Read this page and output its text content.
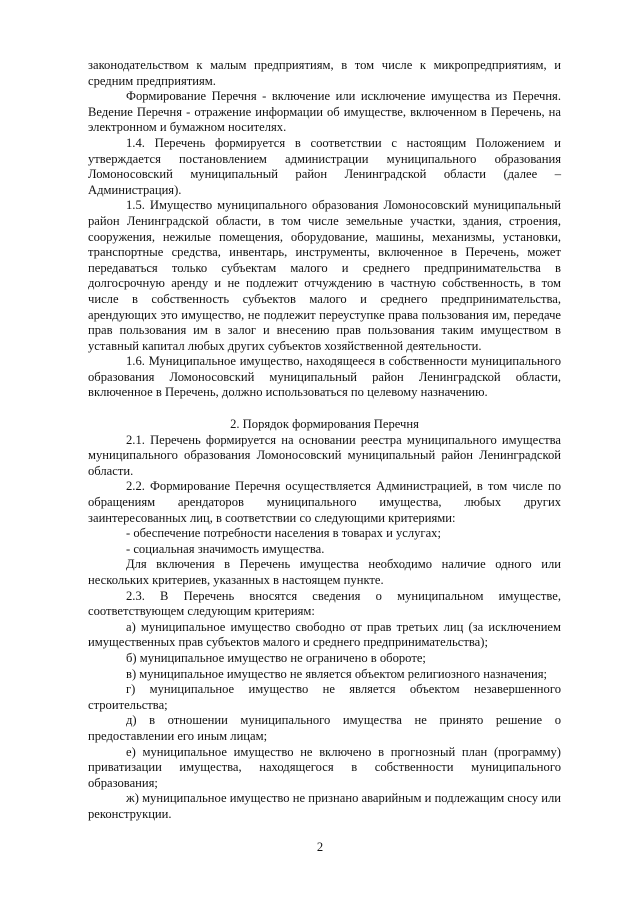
законодательством к малым предприятиям, в том числе к микропредприятиям, и средним предприятиям.

Формирование Перечня - включение или исключение имущества из Перечня. Ведение Перечня - отражение информации об имуществе, включенном в Перечень, на электронном и бумажном носителях.

1.4. Перечень формируется в соответствии с настоящим Положением и утверждается постановлением администрации муниципального образования Ломоносовский муниципальный район Ленинградской области (далее – Администрация).

1.5. Имущество муниципального образования Ломоносовский муниципальный район Ленинградской области, в том числе земельные участки, здания, строения, сооружения, нежилые помещения, оборудование, машины, механизмы, установки, транспортные средства, инвентарь, инструменты, включенное в Перечень, может передаваться только субъектам малого и среднего предпринимательства в долгосрочную аренду и не подлежит отчуждению в частную собственность, в том числе в собственность субъектов малого и среднего предпринимательства, арендующих это имущество, не подлежит переуступке права пользования им, передаче прав пользования им в залог и внесению прав пользования таким имуществом в уставный капитал любых других субъектов хозяйственной деятельности.

1.6. Муниципальное имущество, находящееся в собственности муниципального образования Ломоносовский муниципальный район Ленинградской области, включенное в Перечень, должно использоваться по целевому назначению.

2. Порядок формирования Перечня

2.1. Перечень формируется на основании реестра муниципального имущества муниципального образования Ломоносовский муниципальный район Ленинградской области.

2.2. Формирование Перечня осуществляется Администрацией, в том числе по обращениям арендаторов муниципального имущества, любых других заинтересованных лиц, в соответствии со следующими критериями:

- обеспечение потребности населения в товарах и услугах;

- социальная значимость имущества.

Для включения в Перечень имущества необходимо наличие одного или нескольких критериев, указанных в настоящем пункте.

2.3. В Перечень вносятся сведения о муниципальном имуществе, соответствующем следующим критериям:

а) муниципальное имущество свободно от прав третьих лиц (за исключением имущественных прав субъектов малого и среднего предпринимательства);

б) муниципальное имущество не ограничено в обороте;

в) муниципальное имущество не является объектом религиозного назначения;

г) муниципальное имущество не является объектом незавершенного строительства;

д) в отношении муниципального имущества не принято решение о предоставлении его иным лицам;

е) муниципальное имущество не включено в прогнозный план (программу) приватизации имущества, находящегося в собственности муниципального образования;

ж) муниципальное имущество не признано аварийным и подлежащим сносу или реконструкции.

2
